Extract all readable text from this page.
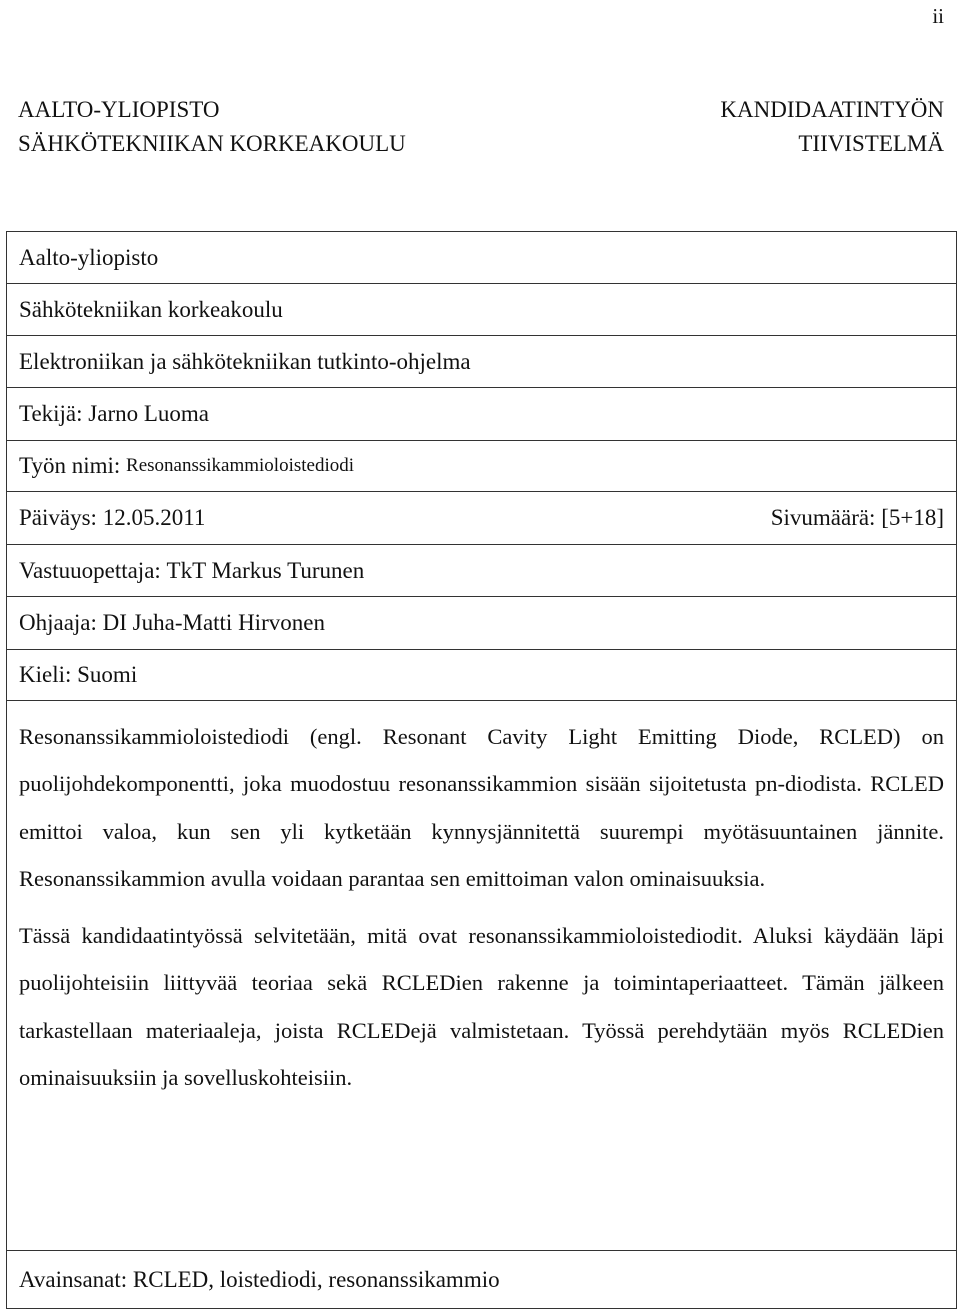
ii
AALTO-YLIOPISTO
SÄHKÖTEKNIIKAN KORKEAKOULU
KANDIDAATINTYÖN
TIIVISTELMÄ
Aalto-yliopisto
Sähkötekniikan korkeakoulu
Elektroniikan ja sähkötekniikan tutkinto-ohjelma
Tekijä:
Jarno Luoma
Työn nimi:
Resonanssikammioloistediodi
Päiväys: 12.05.2011	Sivumäärä: [5+18]
Vastuuopettaja:
TkT Markus Turunen
Ohjaaja:
DI Juha-Matti Hirvonen
Kieli:
Suomi

Resonanssikammioloistediodi (engl. Resonant Cavity Light Emitting Diode, RCLED) on puolijohdekomponentti, joka muodostuu resonanssikammion sisään sijoitetusta pn-diodista. RCLED emittoi valoa, kun sen yli kytketään kynnysjännitettä suurempi myötäsuuntainen jännite. Resonanssikammion avulla voidaan parantaa sen emittoiman valon ominaisuuksia.

Tässä kandidaatintyössä selvitetään, mitä ovat resonanssikammioloistediodit. Aluksi käydään läpi puolijohteisiin liittyvää teoriaa sekä RCLEDien rakenne ja toimintaperiaatteet. Tämän jälkeen tarkastellaan materiaaleja, joista RCLEDejä valmistetaan. Työssä perehdytään myös RCLEDien ominaisuuksiin ja sovelluskohteisiin.

Avainsanat:
RCLED, loistediodi, resonanssikammio
